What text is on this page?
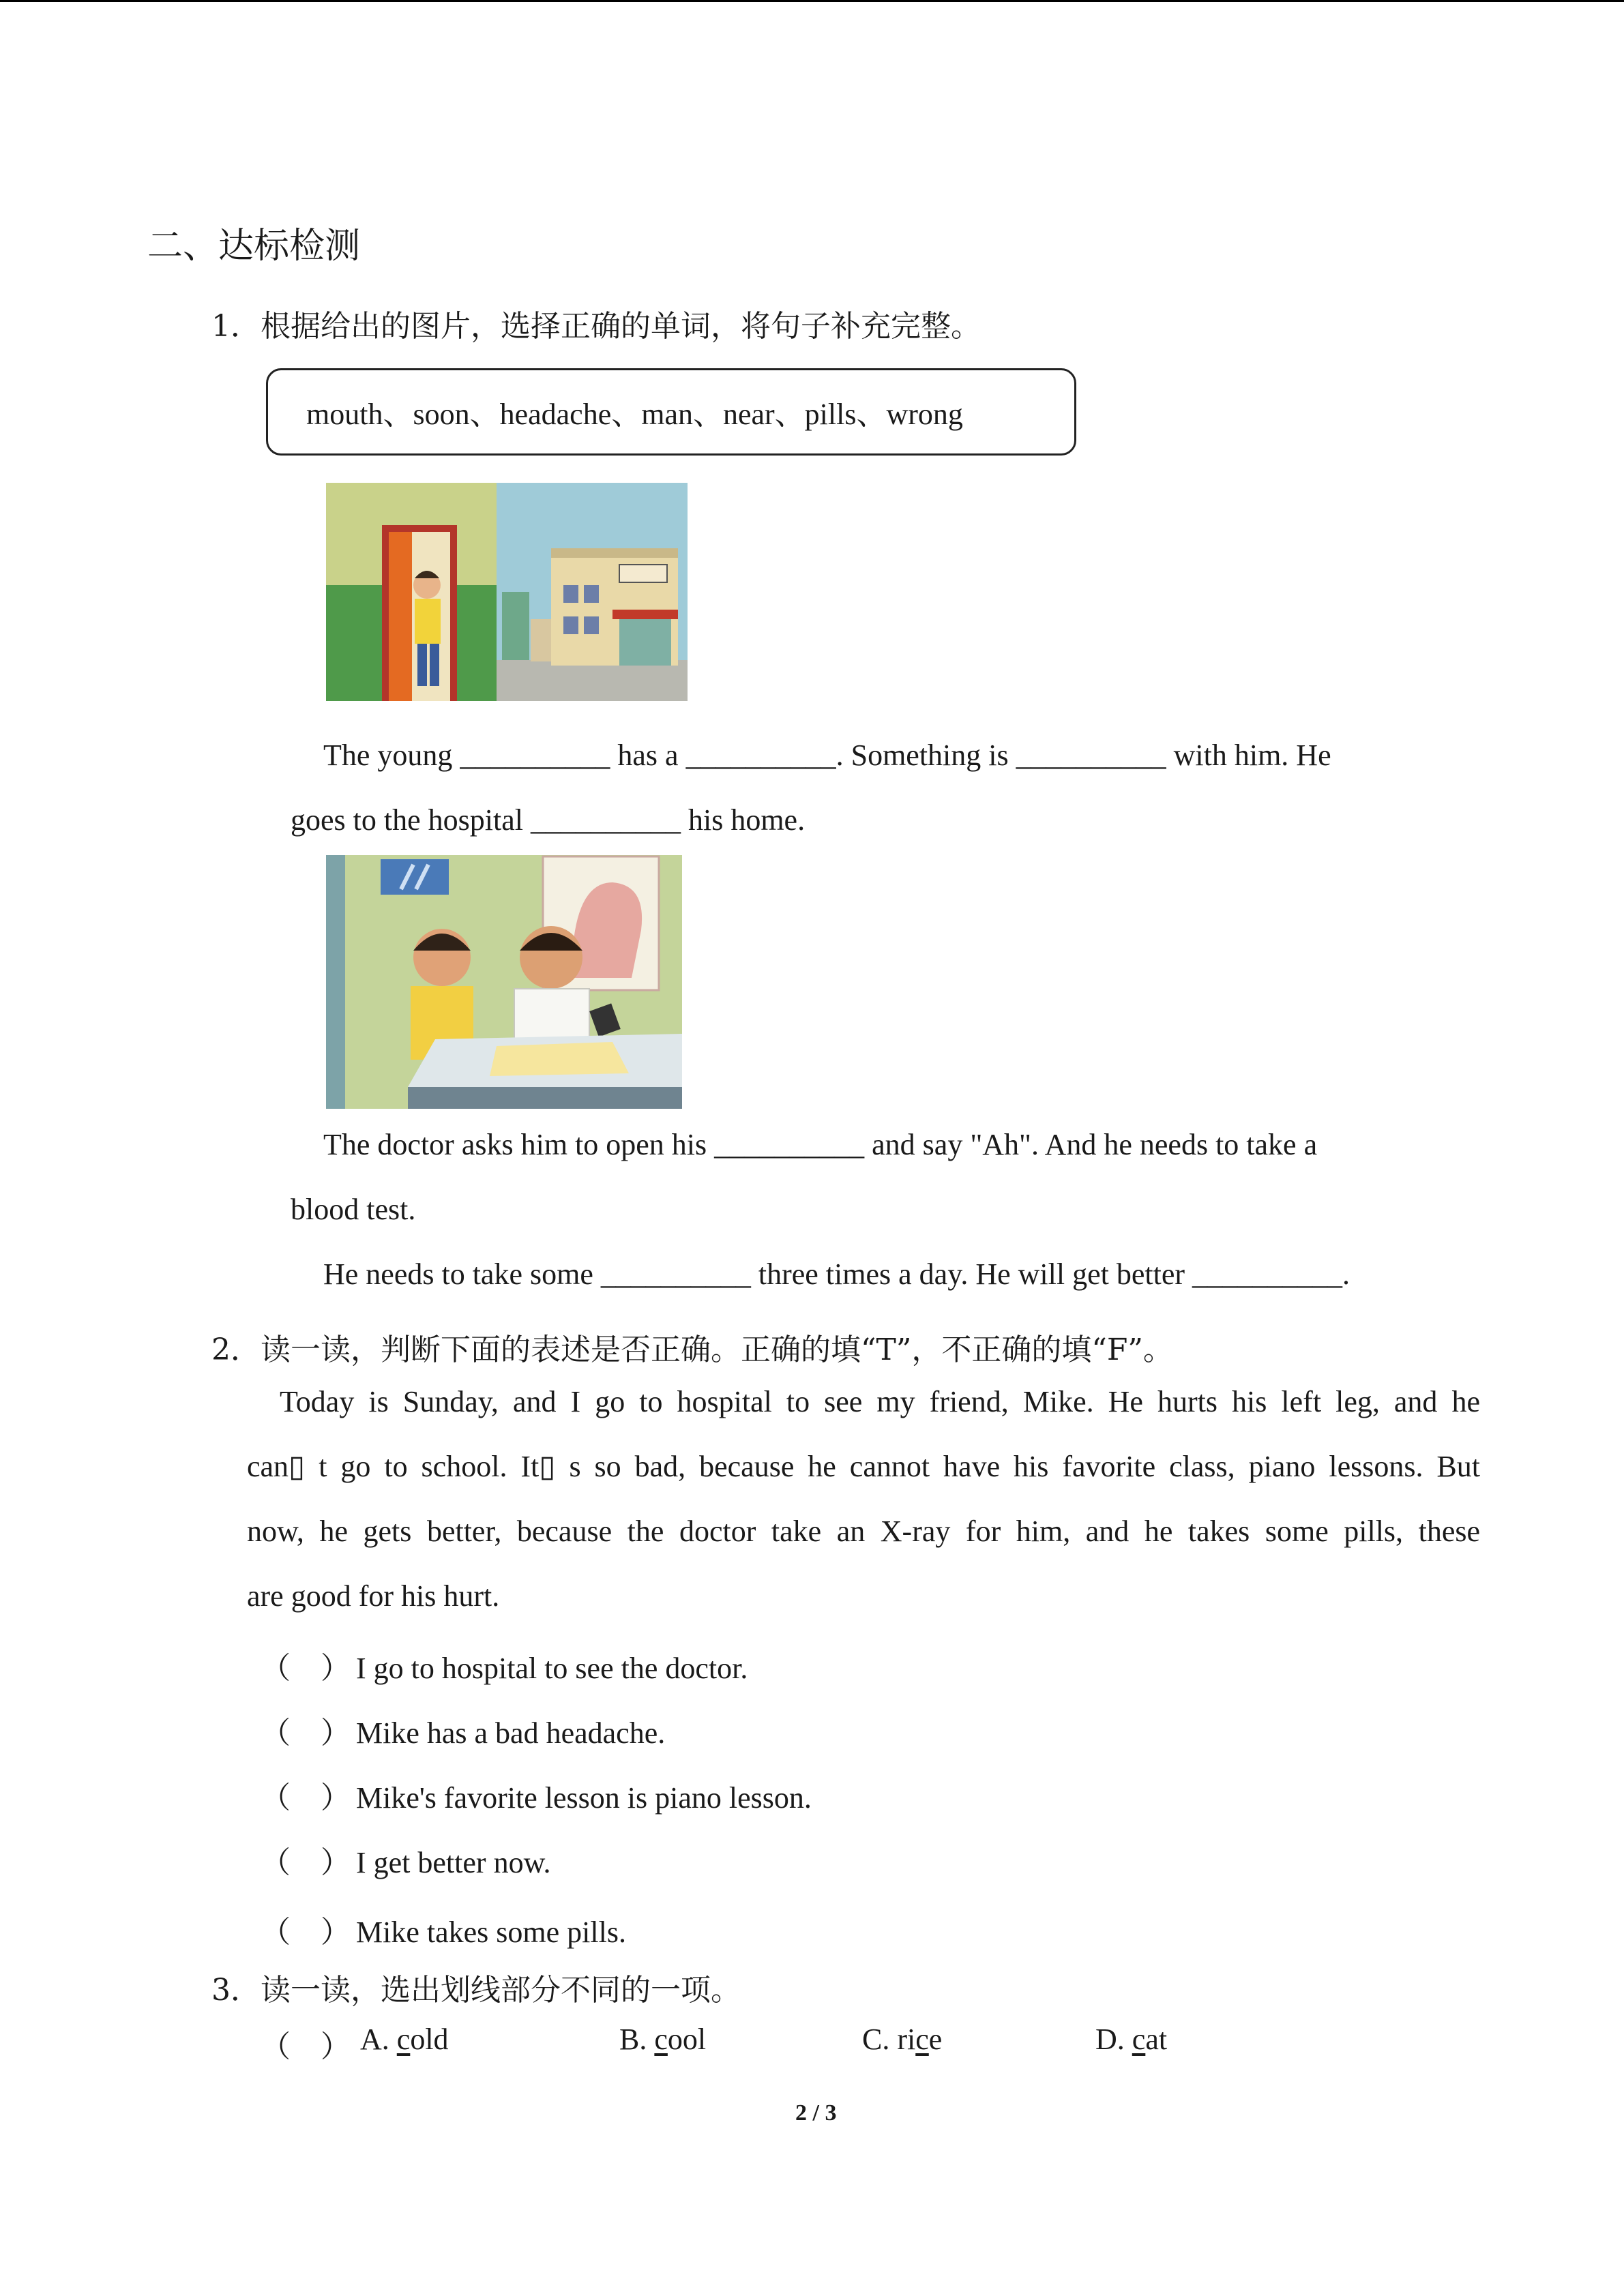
二、达标检测
1．根据给出的图片，选择正确的单词，将句子补充完整。
mouth、soon、headache、man、near、pills、wrong
The young __________ has a __________. Something is __________ with him. He
goes to the hospital __________ his home.
The doctor asks him to open his __________ and say "Ah". And he needs to take a
blood test.
He needs to take some __________ three times a day. He will get better __________.
2．读一读，判断下面的表述是否正确。正确的填“T”，不正确的填“F”。
Today is Sunday, and I go to hospital to see my friend, Mike. He hurts his left leg, and he
can▯ t go to school. It▯ s so bad, because he cannot have his favorite class, piano lessons. But
now, he gets better, because the doctor take an X-ray for him, and he takes some pills, these
are good for his hurt.
（ ） I go to hospital to see the doctor.
（ ） Mike has a bad headache.
（ ） Mike's favorite lesson is piano lesson.
（ ） I get better now.
（ ） Mike takes some pills.
3．读一读，选出划线部分不同的一项。
（ ） A. cold	B. cool	C. rice	D. cat
2 / 3
